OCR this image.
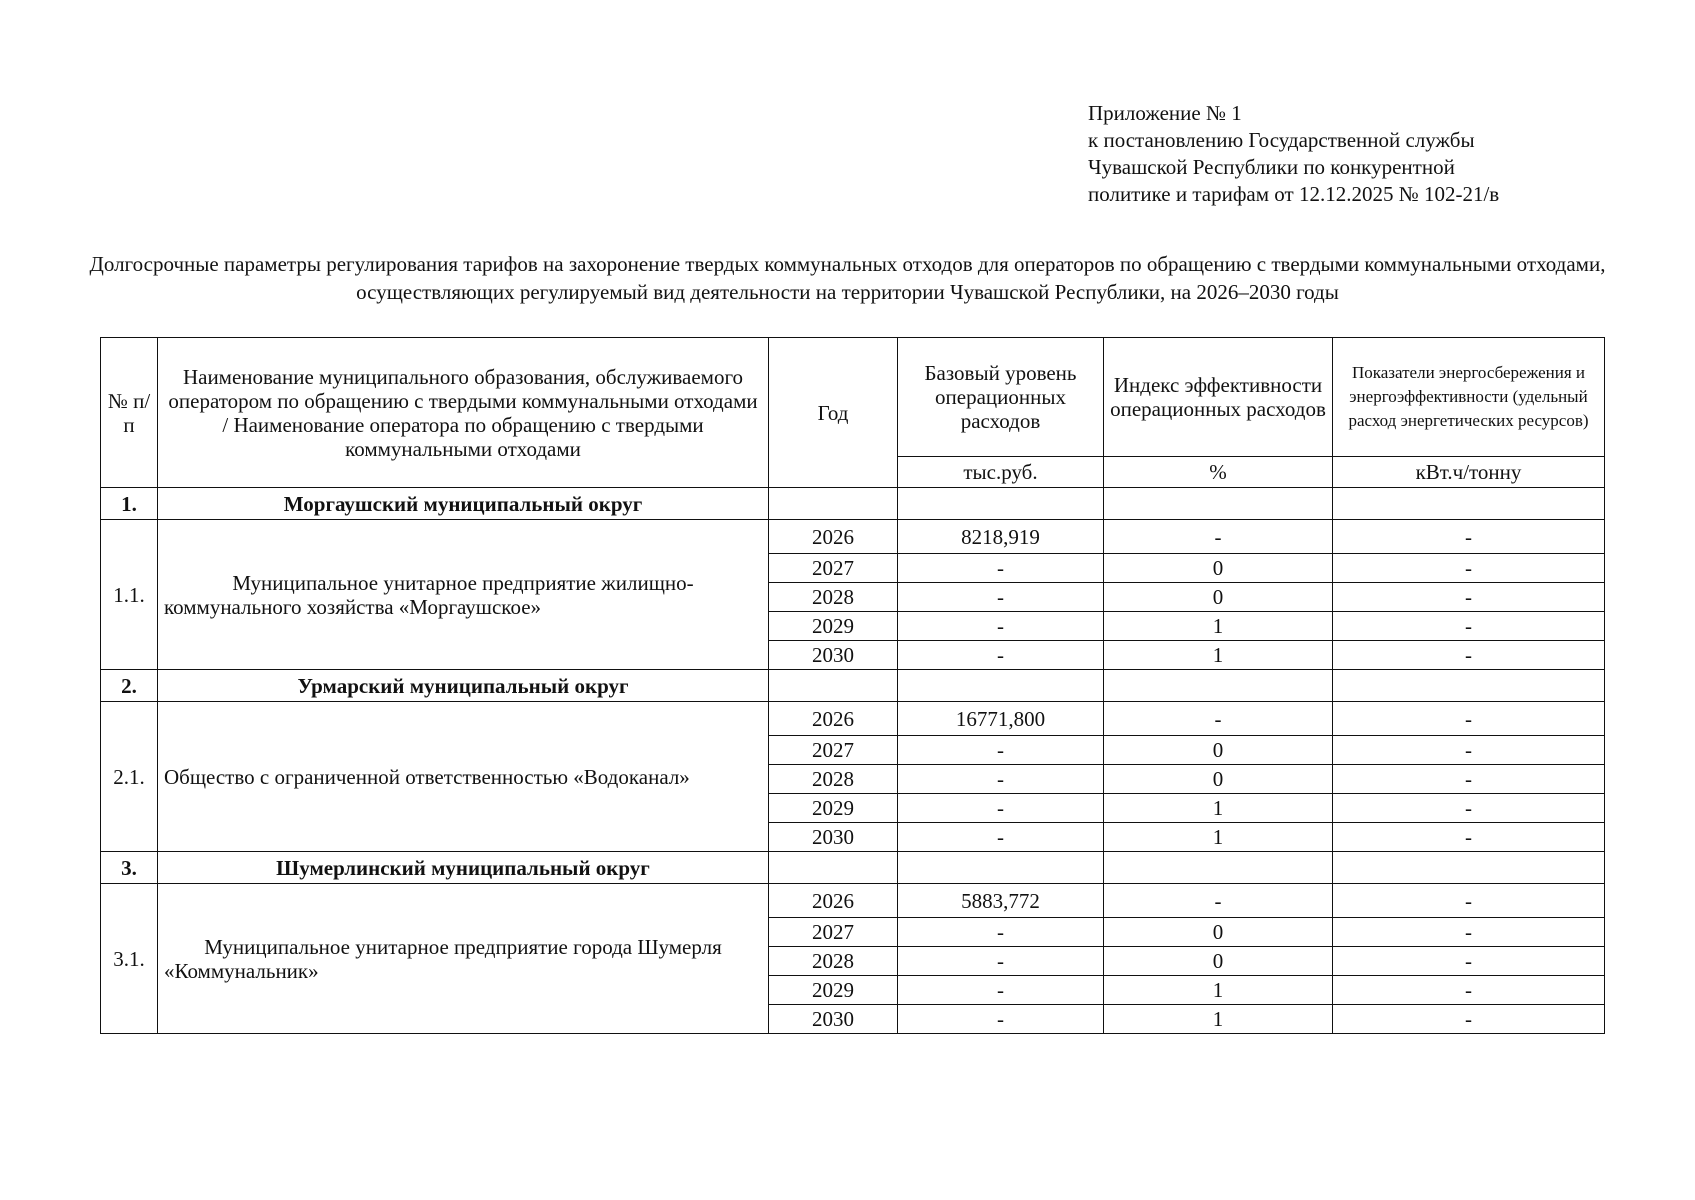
Приложение № 1
к постановлению Государственной службы
Чувашской Республики по конкурентной
политике и тарифам от 12.12.2025 № 102-21/в
Долгосрочные параметры регулирования тарифов на захоронение твердых коммунальных отходов для операторов по обращению с твердыми коммунальными отходами, осуществляющих регулируемый вид деятельности на территории Чувашской Республики, на 2026–2030 годы
№ п/п	Наименование муниципального образования, обслуживаемого оператором по обращению с твердыми коммунальными отходами / Наименование оператора по обращению с твердыми коммунальными отходами	Год	Базовый уровень операционных расходов	Индекс эффективности операционных расходов	Показатели энергосбережения и энергоэффективности (удельный расход энергетических ресурсов)
			тыс.руб.	%	кВт.ч/тонну
1.	Моргаушский муниципальный округ				
1.1.	Муниципальное унитарное предприятие жилищно-коммунального хозяйства «Моргаушское»	2026	8218,919	-	-
		2027	-	0	-
		2028	-	0	-
		2029	-	1	-
		2030	-	1	-
2.	Урмарский муниципальный округ				
2.1.	Общество с ограниченной ответственностью «Водоканал»	2026	16771,800	-	-
		2027	-	0	-
		2028	-	0	-
		2029	-	1	-
		2030	-	1	-
3.	Шумерлинский муниципальный округ				
3.1.	Муниципальное унитарное предприятие города Шумерля «Коммунальник»	2026	5883,772	-	-
		2027	-	0	-
		2028	-	0	-
		2029	-	1	-
		2030	-	1	-
